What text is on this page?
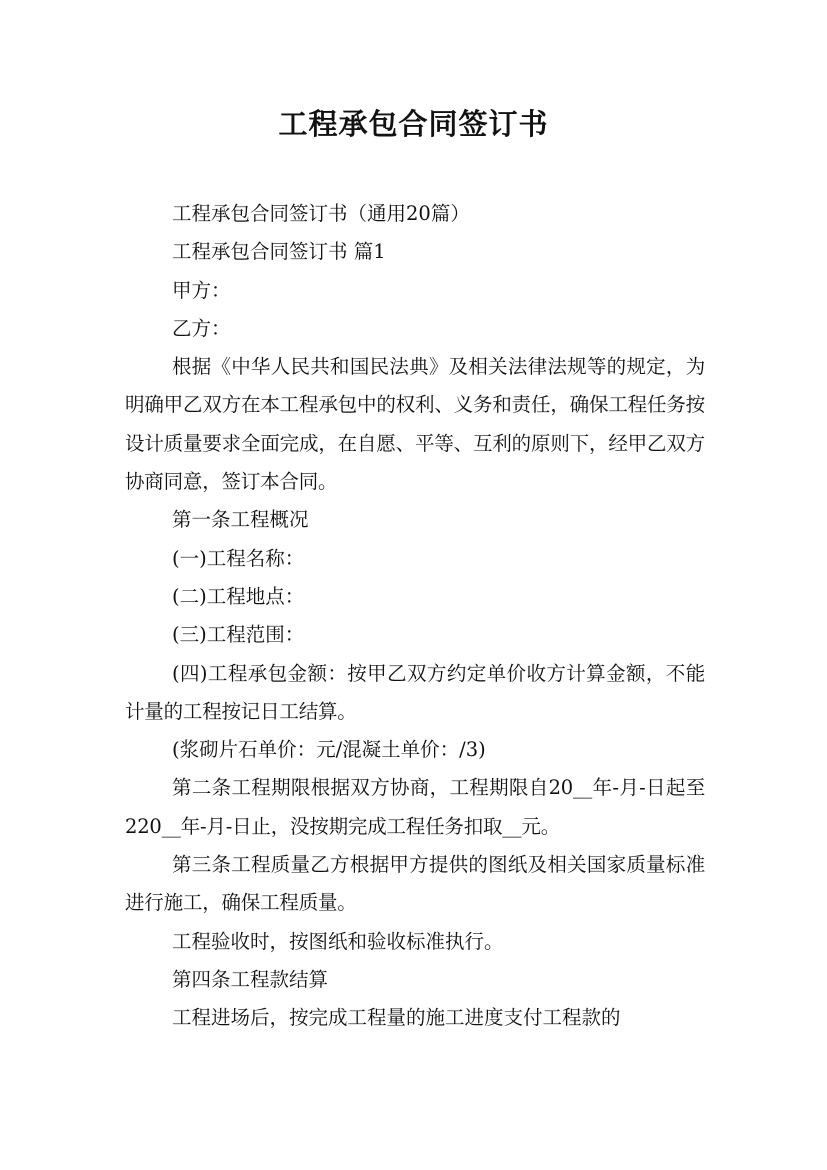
工程承包合同签订书

工程承包合同签订书（通用20篇）

工程承包合同签订书 篇1

甲方：

乙方：

根据《中华人民共和国民法典》及相关法律法规等的规定，为明确甲乙双方在本工程承包中的权利、义务和责任，确保工程任务按设计质量要求全面完成，在自愿、平等、互利的原则下，经甲乙双方协商同意，签订本合同。

第一条工程概况

(一)工程名称：

(二)工程地点：

(三)工程范围：

(四)工程承包金额：按甲乙双方约定单价收方计算金额，不能计量的工程按记日工结算。

(浆砌片石单价：元/混凝土单价：/3)

第二条工程期限根据双方协商，工程期限自20__年-月-日起至220__年-月-日止，没按期完成工程任务扣取__元。

第三条工程质量乙方根据甲方提供的图纸及相关国家质量标准进行施工，确保工程质量。

工程验收时，按图纸和验收标准执行。

第四条工程款结算

工程进场后，按完成工程量的施工进度支付工程款的
